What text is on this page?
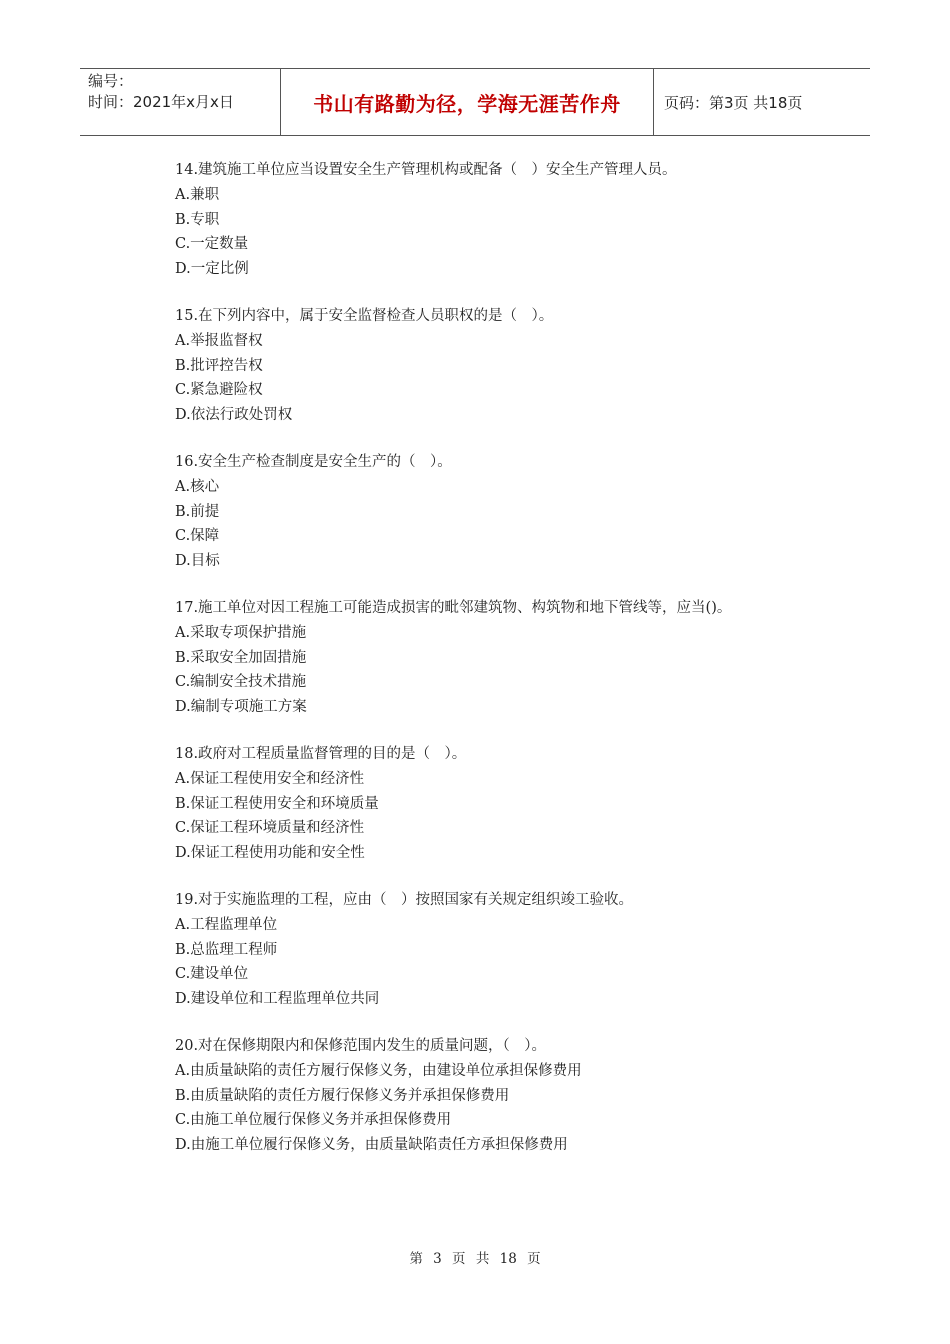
编号：
时间：2021年x月x日	书山有路勤为径，学海无涯苦作舟	页码：第3页 共18页
14.建筑施工单位应当设置安全生产管理机构或配备（　）安全生产管理人员。
A.兼职
B.专职
C.一定数量
D.一定比例
15.在下列内容中，属于安全监督检查人员职权的是（　）。
A.举报监督权
B.批评控告权
C.紧急避险权
D.依法行政处罚权
16.安全生产检查制度是安全生产的（　）。
A.核心
B.前提
C.保障
D.目标
17.施工单位对因工程施工可能造成损害的毗邻建筑物、构筑物和地下管线等，应当()。
A.采取专项保护措施
B.采取安全加固措施
C.编制安全技术措施
D.编制专项施工方案
18.政府对工程质量监督管理的目的是（　）。
A.保证工程使用安全和经济性
B.保证工程使用安全和环境质量
C.保证工程环境质量和经济性
D.保证工程使用功能和安全性
19.对于实施监理的工程，应由（　）按照国家有关规定组织竣工验收。
A.工程监理单位
B.总监理工程师
C.建设单位
D.建设单位和工程监理单位共同
20.对在保修期限内和保修范围内发生的质量问题，（　）。
A.由质量缺陷的责任方履行保修义务，由建设单位承担保修费用
B.由质量缺陷的责任方履行保修义务并承担保修费用
C.由施工单位履行保修义务并承担保修费用
D.由施工单位履行保修义务，由质量缺陷责任方承担保修费用
第 3 页 共 18 页
